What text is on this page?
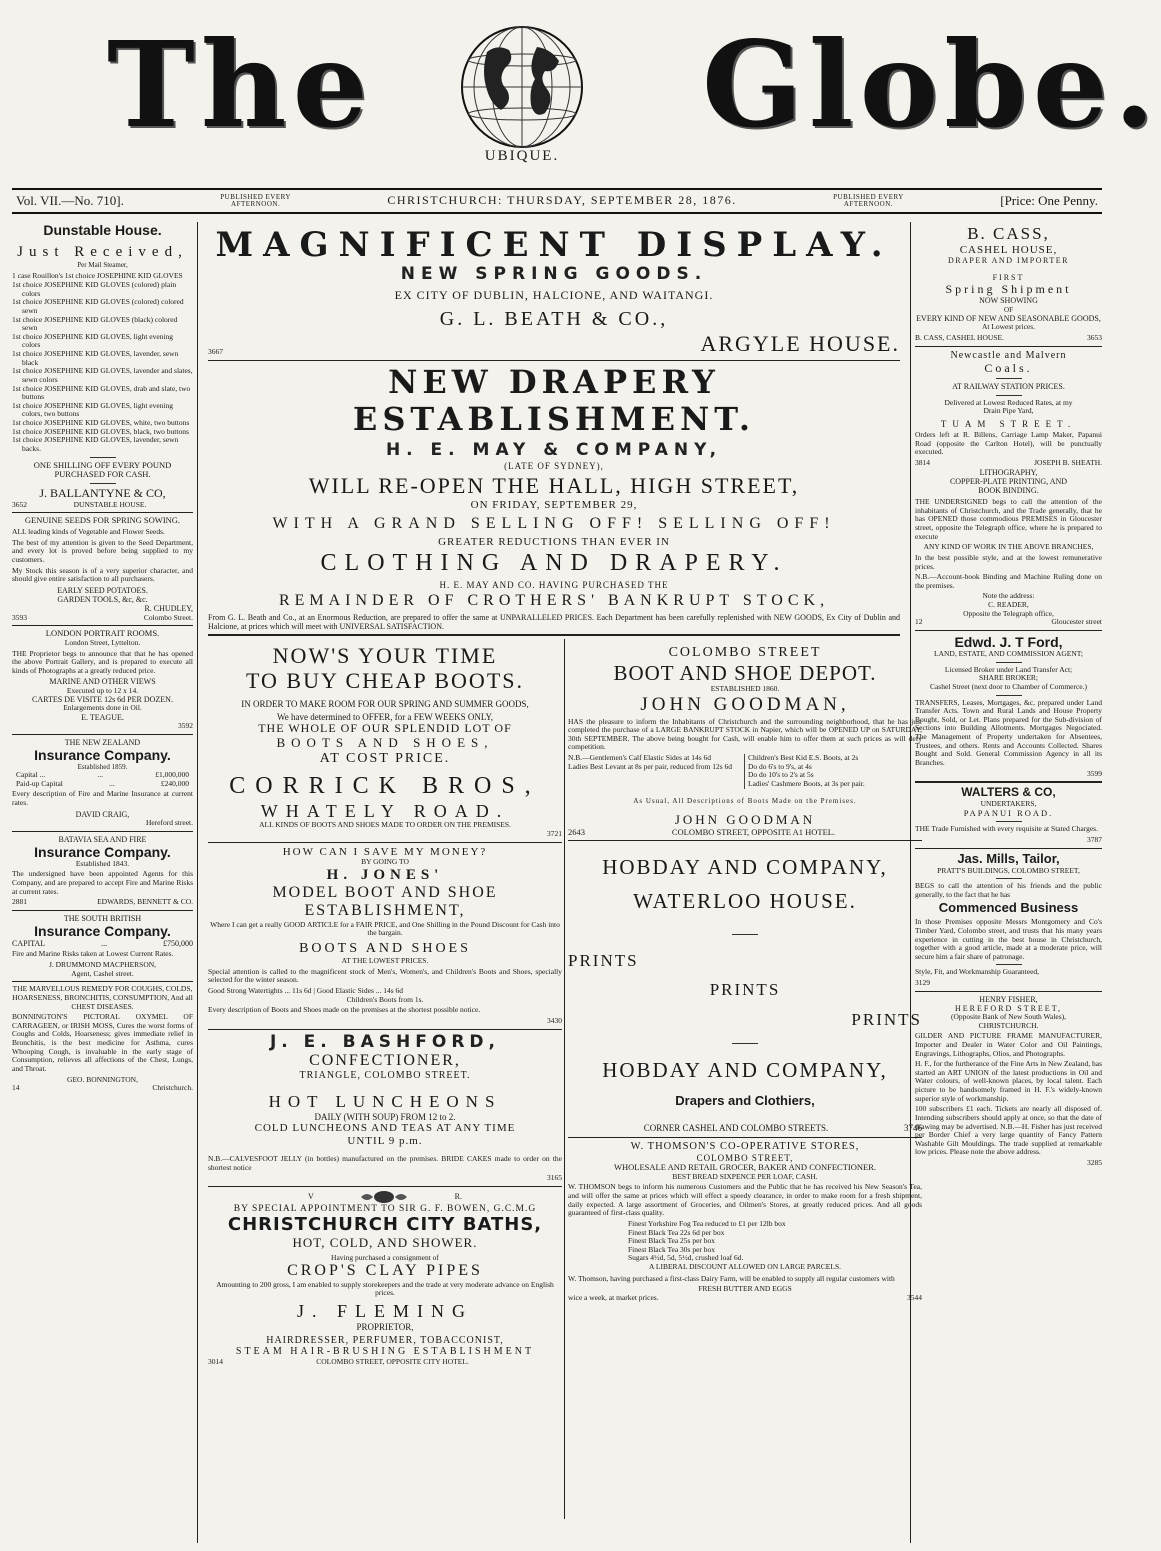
The
UBIQUE.
Globe.
Vol. VII.—No. 710].	PUBLISHED EVERY
AFTERNOON.	CHRISTCHURCH: THURSDAY, SEPTEMBER 28, 1876.	PUBLISHED EVERY
AFTERNOON.	[Price: One Penny.
Dunstable House.
Just Received,
Per Mail Steamer,
1 case Rouillon's 1st choice JOSEPHINE KID GLOVES
1st choice JOSEPHINE KID GLOVES (colored) plain colors
1st choice JOSEPHINE KID GLOVES (colored) colored sewn
1st choice JOSEPHINE KID GLOVES (black) colored sewn
1st choice JOSEPHINE KID GLOVES, light evening colors
1st choice JOSEPHINE KID GLOVES, lavender, sewn black
1st choice JOSEPHINE KID GLOVES, lavender and slates, sewn colors
1st choice JOSEPHINE KID GLOVES, drab and slate, two buttons
1st choice JOSEPHINE KID GLOVES, light evening colors, two buttons
1st choice JOSEPHINE KID GLOVES, white, two buttons
1st choice JOSEPHINE KID GLOVES, black, two buttons
1st choice JOSEPHINE KID GLOVES, lavender, sewn backs.
ONE SHILLING OFF EVERY POUND PURCHASED FOR CASH.
J. BALLANTYNE & CO,
3652	DUNSTABLE HOUSE.
GENUINE SEEDS FOR SPRING SOWING.
ALL leading kinds of Vegetable and Flower Seeds.
The best of my attention is given to the Seed Department, and every lot is proved before being supplied to my customers.
My Stock this season is of a very superior character, and should give entire satisfaction to all purchasers.
EARLY SEED POTATOES.
GARDEN TOOLS, &c, &c.
R. CHUDLEY,
3593	Colombo Street.
LONDON PORTRAIT ROOMS.
London Street, Lyttelton.
THE Proprietor begs to announce that that he has opened the above Portrait Gallery, and is prepared to execute all kinds of Photographs at a greatly reduced price.
MARINE AND OTHER VIEWS
Executed up to 12 x 14.
CARTES DE VISITE 12s 6d PER DOZEN.
Enlargements done in Oil.
E. TEAGUE.
3592
THE NEW ZEALAND
Insurance Company.
Established 1859.
Capital ...	...	£1,000,000
Paid-up Capital	...	£240,000
Every description of Fire and Marine Insurance at current rates.
DAVID CRAIG,
Hereford street.
BATAVIA SEA AND FIRE
Insurance Company.
Established 1843.
The undersigned have been appointed Agents for this Company, and are prepared to accept Fire and Marine Risks at current rates.
2881	EDWARDS, BENNETT & CO.
THE SOUTH BRITISH
Insurance Company.
CAPITAL	...	£750,000
Fire and Marine Risks taken at Lowest Current Rates.
J. DRUMMOND MACPHERSON,
Agent, Cashel street.
THE MARVELLOUS REMEDY FOR COUGHS, COLDS, HOARSENESS, BRONCHITIS, CONSUMPTION, And all CHEST DISEASES.
BONNINGTON'S PICTORAL OXYMEL OF CARRAGEEN, or IRISH MOSS, Cures the worst forms of Coughs and Colds, Hoarseness; gives immediate relief in Bronchitis, is the best medicine for Asthma, cures Whooping Cough, is invaluable in the early stage of Consumption, relieves all affections of the Chest, Lungs, and Throat.
GEO. BONNINGTON,
14	Christchurch.
MAGNIFICENT DISPLAY.
NEW SPRING GOODS.
EX CITY OF DUBLIN, HALCIONE, AND WAITANGI.
G. L. BEATH & CO.,
3667	ARGYLE HOUSE.
NEW DRAPERY ESTABLISHMENT.
H. E. MAY & COMPANY,
(LATE OF SYDNEY),
WILL RE-OPEN THE HALL, HIGH STREET,
ON FRIDAY, SEPTEMBER 29,
WITH A GRAND SELLING OFF! SELLING OFF!
GREATER REDUCTIONS THAN EVER IN
CLOTHING AND DRAPERY.
H. E. MAY AND CO. HAVING PURCHASED THE
REMAINDER OF CROTHERS' BANKRUPT STOCK,
From G. L. Beath and Co., at an Enormous Reduction, are prepared to offer the same at UNPARALLELED PRICES. Each Department has been carefully replenished with NEW GOODS, Ex City of Dublin and Halcione, at prices which will meet with UNIVERSAL SATISFACTION.
NOW'S YOUR TIME
TO BUY CHEAP BOOTS.
IN ORDER TO MAKE ROOM FOR OUR SPRING AND SUMMER GOODS,
We have determined to OFFER, for a FEW WEEKS ONLY,
THE WHOLE OF OUR SPLENDID LOT OF
BOOTS AND SHOES,
AT COST PRICE.
CORRICK BROS,
WHATELY ROAD.
ALL KINDS OF BOOTS AND SHOES MADE TO ORDER ON THE PREMISES.
3721
HOW CAN I SAVE MY MONEY?
BY GOING TO
H. JONES'
MODEL BOOT AND SHOE
ESTABLISHMENT,
Where I can get a really GOOD ARTICLE for a FAIR PRICE, and One Shilling in the Pound Discount for Cash into the bargain.
BOOTS AND SHOES
AT THE LOWEST PRICES.
Special attention is called to the magnificent stock of Men's, Women's, and Children's Boots and Shoes, specially selected for the winter season.
Good Strong Watertights ... 11s 6d | Good Elastic Sides ... 14s 6d
Children's Boots from 1s.
Every description of Boots and Shoes made on the premises at the shortest possible notice.
3430
J. E. BASHFORD,
CONFECTIONER,
TRIANGLE, COLOMBO STREET.
HOT LUNCHEONS
DAILY (WITH SOUP) FROM 12 to 2.
COLD LUNCHEONS AND TEAS AT ANY TIME
UNTIL 9 p.m.
N.B.—CALVESFOOT JELLY (in bottles) manufactured on the premises. BRIDE CAKES made to order on the shortest notice
3165
V	R.
BY SPECIAL APPOINTMENT TO SIR G. F. BOWEN, G.C.M.G
CHRISTCHURCH CITY BATHS,
HOT, COLD, AND SHOWER.
Having purchased a consignment of
CROP'S CLAY PIPES
Amounting to 200 gross, I am enabled to supply storekeepers and the trade at very moderate advance on English prices.
J. FLEMING
PROPRIETOR,
HAIRDRESSER, PERFUMER, TOBACCONIST,
STEAM HAIR-BRUSHING ESTABLISHMENT
3014	COLOMBO STREET, OPPOSITE CITY HOTEL.
COLOMBO STREET
BOOT AND SHOE DEPOT.
ESTABLISHED 1860.
JOHN GOODMAN,
HAS the pleasure to inform the Inhabitants of Christchurch and the surrounding neighborhood, that he has just completed the purchase of a LARGE BANKRUPT STOCK in Napier, which will be OPENED UP on SATURDAY, 30th SEPTEMBER. The above being bought for Cash, will enable him to offer them at such prices as will defy competition.
N.B.—Gentlemen's Calf Elastic Sides at 14s 6d
Ladies Best Levant at 8s per pair, reduced from 12s 6d
Children's Best Kid E.S. Boots, at 2s
Do do 6's to 9's, at 4s
Do do 10's to 2's at 5s
Ladies' Cashmere Boots, at 3s per pair.
As Usual, All Descriptions of Boots Made on the Premises.
JOHN GOODMAN
2643	COLOMBO STREET, OPPOSITE A1 HOTEL.
HOBDAY AND COMPANY,
WATERLOO HOUSE.
PRINTS
PRINTS
PRINTS
HOBDAY AND COMPANY,
Drapers and Clothiers,
CORNER CASHEL AND COLOMBO STREETS.	3746
W. THOMSON'S CO-OPERATIVE STORES,
COLOMBO STREET,
WHOLESALE AND RETAIL GROCER, BAKER AND CONFECTIONER.
BEST BREAD SIXPENCE PER LOAF, CASH.
W. THOMSON begs to inform his numerous Customers and the Public that he has received his New Season's Tea, and will offer the same at prices which will effect a speedy clearance, in order to make room for a fresh shipment, daily expected. A large assortment of Groceries, and Oilmen's Stores, at greatly reduced prices. And all goods guaranteed of first-class quality.
Finest Yorkshire Fog Tea reduced to £1 per 12lb box
Finest Black Tea 22s 6d per box
Finest Black Tea 25s per box
Finest Black Tea 30s per box
Sugars 4½d, 5d, 5½d, crushed loaf 6d.
A LIBERAL DISCOUNT ALLOWED ON LARGE PARCELS.
W. Thomson, having purchased a first-class Dairy Farm, will be enabled to supply all regular customers with
FRESH BUTTER AND EGGS
wice a week, at market prices.	3544
B. CASS,
CASHEL HOUSE,
DRAPER AND IMPORTER
FIRST
Spring Shipment
NOW SHOWING
OF
EVERY KIND OF NEW AND SEASONABLE GOODS,
At Lowest prices.
B. CASS, CASHEL HOUSE.	3653
Newcastle and Malvern
Coals.
AT RAILWAY STATION PRICES.
Delivered at Lowest Reduced Rates, at my
Drain Pipe Yard,
TUAM STREET.
Orders left at R. Billens, Carriage Lamp Maker, Papanui Road (opposite the Carlton Hotel), will be punctually executed.
3814	JOSEPH B. SHEATH.
LITHOGRAPHY,
COPPER-PLATE PRINTING, AND
BOOK BINDING.
THE UNDERSIGNED begs to call the attention of the inhabitants of Christchurch, and the Trade generally, that he has OPENED those commodious PREMISES in Gloucester street, opposite the Telegraph office, where he is prepared to execute
ANY KIND OF WORK IN THE ABOVE BRANCHES,
In the best possible style, and at the lowest remunerative prices.
N.B.—Account-book Binding and Machine Ruling done on the premises.
Note the address:
C. READER,
Opposite the Telegraph office,
12	Gloucester street
Edwd. J. T Ford,
LAND, ESTATE, AND COMMISSION AGENT;
Licensed Broker under Land Transfer Act;
SHARE BROKER;
Cashel Street (next door to Chamber of Commerce.)
TRANSFERS, Leases, Mortgages, &c, prepared under Land Transfer Acts. Town and Rural Lands and House Property Bought, Sold, or Let. Plans prepared for the Sub-division of Sections into Building Allotments. Mortgages Negociated. The Management of Property undertaken for Absentees, Trustees, and others. Rents and Accounts Collected. Shares Bought and Sold. General Commission Agency in all its Branches.
3599
WALTERS & CO,
UNDERTAKERS,
PAPANUI ROAD.
THE Trade Furnished with every requisite at Stated Charges.
3787
Jas. Mills, Tailor,
PRATT'S BUILDINGS, COLOMBO STREET,
BEGS to call the attention of his friends and the public generally, to the fact that he has
Commenced Business
In those Premises opposite Messrs Montgomery and Co's Timber Yard, Colombo street, and trusts that his many years experience in cutting in the best house in Christchurch, together with a good article, made at a moderate price, will secure him a fair share of patronage.
Style, Fit, and Workmanship Guaranteed,
3129
HENRY FISHER,
HEREFORD STREET,
(Opposite Bank of New South Wales),
CHRISTCHURCH.
GILDER AND PICTURE FRAME MANUFACTURER, Importer and Dealer in Water Color and Oil Paintings, Engravings, Lithographs, Olios, and Photographs.
H. F., for the furtherance of the Fine Arts in New Zealand, has started an ART UNION of the latest productions in Oil and Water colours, of well-known places, by local talent. Each picture to be handsomely framed in H. F.'s widely-known superior style of workmanship.
100 subscribers £1 each. Tickets are nearly all disposed of. Intending subscribers should apply at once, so that the date of drawing may be advertised. N.B.—H. Fisher has just received per Border Chief a very large quantity of Fancy Pattern Washable Gilt Mouldings. The trade supplied at remarkable low prices. Please note the above address.
3285
